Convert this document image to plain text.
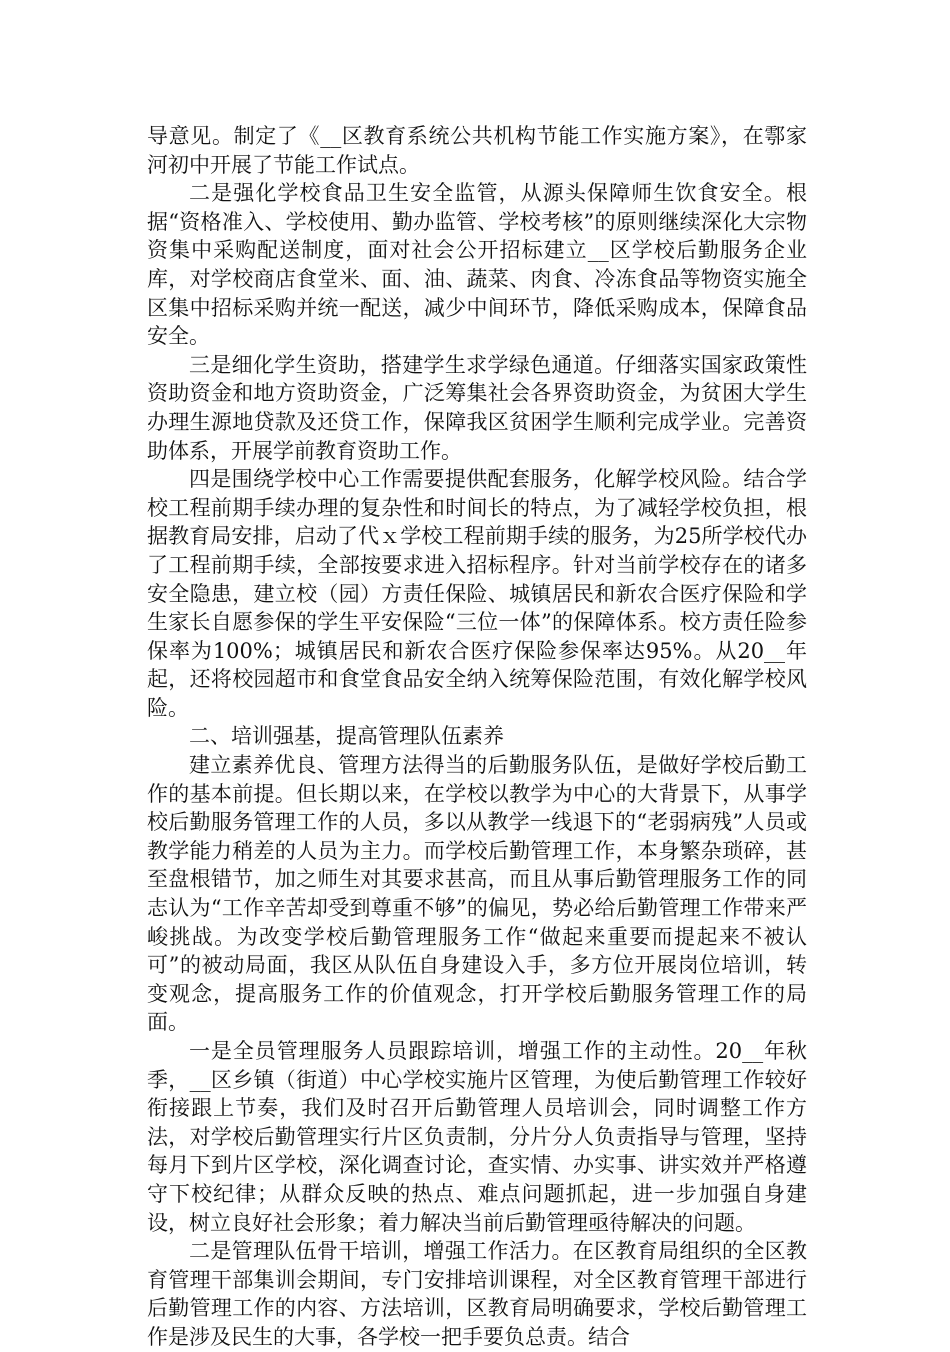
导意见。制定了《__区教育系统公共机构节能工作实施方案》，在鄠家河初中开展了节能工作试点。

二是强化学校食品卫生安全监管，从源头保障师生饮食安全。根据“资格准入、学校使用、勤办监管、学校考核”的原则继续深化大宗物资集中采购配送制度，面对社会公开招标建立__区学校后勤服务企业库，对学校商店食堂米、面、油、蔬菜、肉食、冷冻食品等物资实施全区集中招标采购并统一配送，减少中间环节，降低采购成本，保障食品安全。

三是细化学生资助，搭建学生求学绿色通道。仔细落实国家政策性资助资金和地方资助资金，广泛筹集社会各界资助资金，为贫困大学生办理生源地贷款及还贷工作，保障我区贫困学生顺利完成学业。完善资助体系，开展学前教育资助工作。

四是围绕学校中心工作需要提供配套服务，化解学校风险。结合学校工程前期手续办理的复杂性和时间长的特点，为了减轻学校负担，根据教育局安排，启动了代ｘ学校工程前期手续的服务，为25所学校代办了工程前期手续，全部按要求进入招标程序。针对当前学校存在的诸多安全隐患，建立校（园）方责任保险、城镇居民和新农合医疗保险和学生家长自愿参保的学生平安保险“三位一体”的保障体系。校方责任险参保率为100%；城镇居民和新农合医疗保险参保率达95%。从20__年起，还将校园超市和食堂食品安全纳入统筹保险范围，有效化解学校风险。

二、培训强基，提高管理队伍素养

建立素养优良、管理方法得当的后勤服务队伍，是做好学校后勤工作的基本前提。但长期以来，在学校以教学为中心的大背景下，从事学校后勤服务管理工作的人员，多以从教学一线退下的“老弱病残”人员或教学能力稍差的人员为主力。而学校后勤管理工作，本身繁杂琐碎，甚至盘根错节，加之师生对其要求甚高，而且从事后勤管理服务工作的同志认为“工作辛苦却受到尊重不够”的偏见，势必给后勤管理工作带来严峻挑战。为改变学校后勤管理服务工作“做起来重要而提起来不被认可”的被动局面，我区从队伍自身建设入手，多方位开展岗位培训，转变观念，提高服务工作的价值观念，打开学校后勤服务管理工作的局面。

一是全员管理服务人员跟踪培训，增强工作的主动性。20__年秋季，__区乡镇（街道）中心学校实施片区管理，为使后勤管理工作较好衔接跟上节奏，我们及时召开后勤管理人员培训会，同时调整工作方法，对学校后勤管理实行片区负责制，分片分人负责指导与管理，坚持每月下到片区学校，深化调查讨论，查实情、办实事、讲实效并严格遵守下校纪律；从群众反映的热点、难点问题抓起，进一步加强自身建设，树立良好社会形象；着力解决当前后勤管理亟待解决的问题。

二是管理队伍骨干培训，增强工作活力。在区教育局组织的全区教育管理干部集训会期间，专门安排培训课程，对全区教育管理干部进行后勤管理工作的内容、方法培训，区教育局明确要求，学校后勤管理工作是涉及民生的大事，各学校一把手要负总责。结合
